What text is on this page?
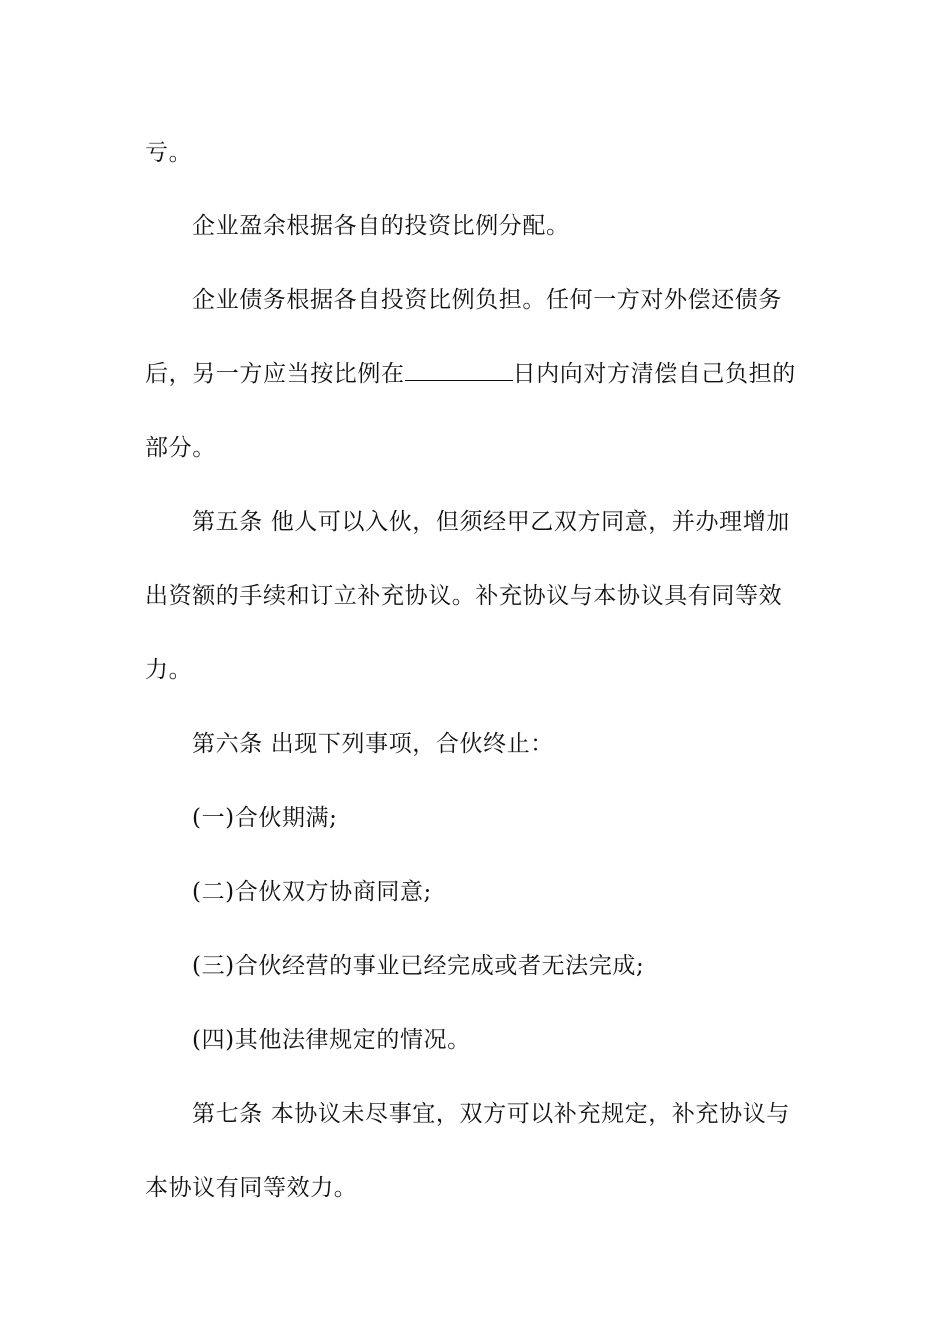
亏。
企业盈余根据各自的投资比例分配。
企业债务根据各自投资比例负担。任何一方对外偿还债务
后，另一方应当按比例在	日内向对方清偿自己负担的
部分。
第五条 他人可以入伙，但须经甲乙双方同意，并办理增加
出资额的手续和订立补充协议。补充协议与本协议具有同等效
力。
第六条 出现下列事项，合伙终止：
(一)合伙期满;
(二)合伙双方协商同意;
(三)合伙经营的事业已经完成或者无法完成;
(四)其他法律规定的情况。
第七条 本协议未尽事宜，双方可以补充规定，补充协议与
本协议有同等效力。
